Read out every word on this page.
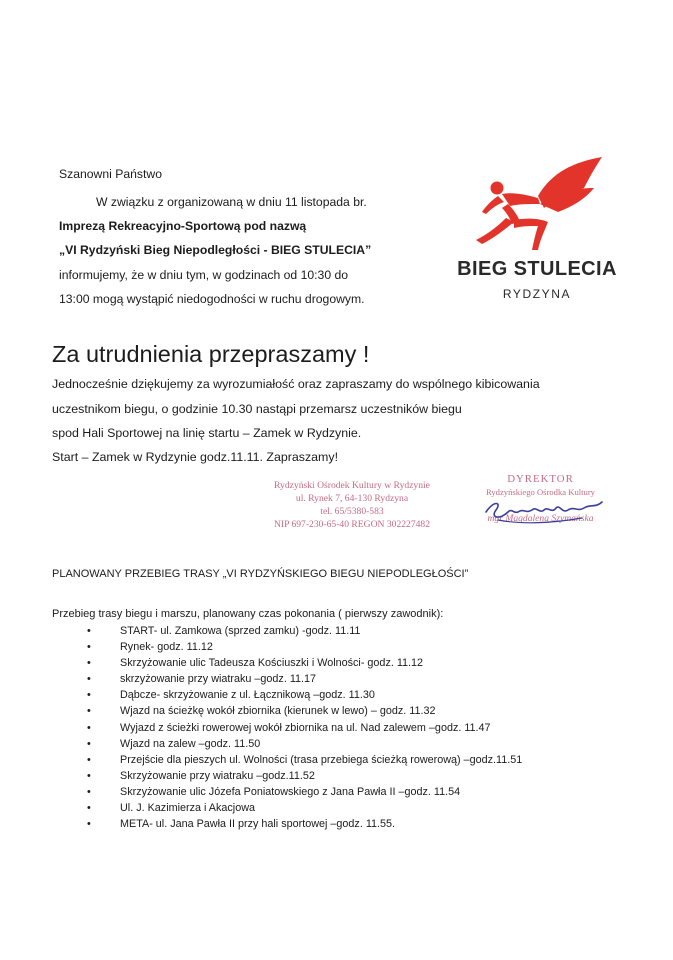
Szanowni Państwo
W związku z organizowaną w dniu 11 listopada br.
Imprezą Rekreacyjno-Sportową pod nazwą
„VI Rydzyński Bieg Niepodległości - BIEG STULECIA”
informujemy, że w dniu tym, w godzinach od 10:30 do
13:00 mogą wystąpić niedogodności w ruchu drogowym.
BIEG STULECIA
RYDZYNA
Za utrudnienia przepraszamy !
Jednocześnie dziękujemy za wyrozumiałość oraz zapraszamy do wspólnego kibicowania
uczestnikom biegu, o godzinie 10.30 nastąpi przemarsz uczestników biegu
spod Hali Sportowej na linię startu – Zamek w Rydzynie.
Start – Zamek w Rydzynie godz.11.11. Zapraszamy!
Rydzyński Ośrodek Kultury w Rydzynie
ul. Rynek 7, 64-130 Rydzyna
tel. 65/5380-583
NIP 697-230-65-40 REGON 302227482
DYREKTOR
Rydzyńskiego Ośrodka Kultury
mgr Magdalena Szymańska
PLANOWANY PRZEBIEG TRASY „VI RYDZYŃSKIEGO BIEGU NIEPODLEGŁOŚCI”
Przebieg trasy biegu i marszu, planowany czas pokonania ( pierwszy zawodnik):
•	START- ul. Zamkowa (sprzed zamku) -godz. 11.11
•	Rynek- godz. 11.12
•	Skrzyżowanie ulic Tadeusza Kościuszki i Wolności- godz. 11.12
•	skrzyżowanie przy wiatraku –godz. 11.17
•	Dąbcze- skrzyżowanie z ul. Łącznikową –godz. 11.30
•	Wjazd na ścieżkę wokół zbiornika (kierunek w lewo) – godz. 11.32
•	Wyjazd z ścieżki rowerowej wokół zbiornika na ul. Nad zalewem –godz. 11.47
•	Wjazd na zalew –godz. 11.50
•	Przejście dla pieszych ul. Wolności (trasa przebiega ścieżką rowerową) –godz.11.51
•	Skrzyżowanie przy wiatraku –godz.11.52
•	Skrzyżowanie ulic Józefa Poniatowskiego z Jana Pawła II –godz. 11.54
•	Ul. J. Kazimierza i Akacjowa
•	META- ul. Jana Pawła II przy hali sportowej –godz. 11.55.
